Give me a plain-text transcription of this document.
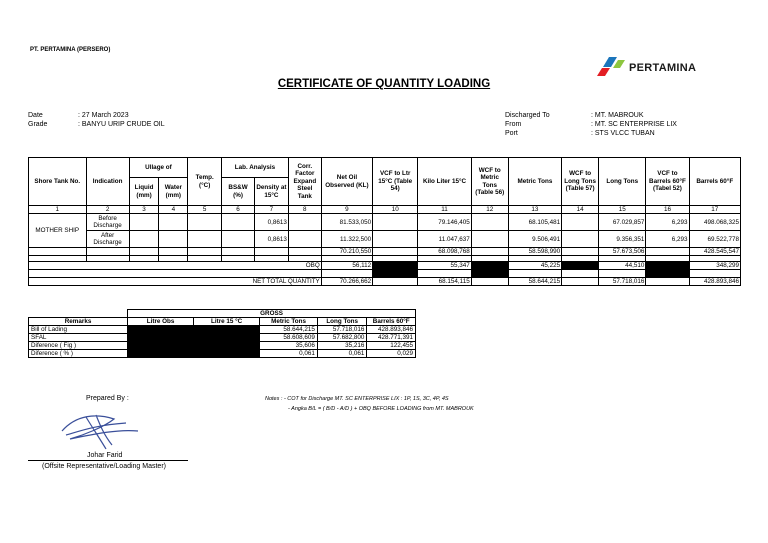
PT. PERTAMINA (PERSERO)
PERTAMINA
CERTIFICATE OF QUANTITY LOADING
Date	: 27 March 2023
Grade	: BANYU URIP CRUDE OIL
Discharged To	: MT. MABROUK
From	: MT. SC ENTERPRISE LIX
Port	: STS VLCC TUBAN
Shore Tank No.	Indication	Ullage of		Temp. (°C)	Lab. Analysis		Corr. Factor Expand Steel Tank	Net Oil Observed (KL)	VCF to Ltr 15°C (Table 54)	Kilo Liter 15°C	WCF to Metric Tons (Table 56)	Metric Tons	WCF to Long Tons (Table 57)	Long Tons	VCF to Barrels 60°F (Tabel 52)	Barrels 60°F
		Liquid (mm)	Water (mm)		BS&W (%)	Density at 15°C										
1	2	3	4	5	6	7	8	9	10	11	12	13	14	15	16	17
MOTHER SHIP	Before Discharge					0,8613		81.533,050		79.146,405		68.105,481		67.029,857	6,293	498.068,325
	After Discharge					0,8613		11.322,500		11.047,637		9.506,491		9.356,351	6,293	69.522,778
								70.210,550		68.098,768		58.598,990		57.673,506		428.545,547

OBQ								56,112		55,347		45,225		44,510		348,299

NET TOTAL QUANTITY								70.266,662		68.154,115		58.644,215		57.718,016		428.893,846
	GROSS				
Remarks	Litre Obs	Litre 15 °C	Metric Tons	Long Tons	Barrels 60°F
Bill of Lading			58.644,215	57.718,016	428.893,846
SFAL			58.608,609	57.682,800	428.771,391
Diference ( Fig )			35,606	35,216	122,455
Diference ( % )			0,061	0,061	0,029
Prepared By :
Johar Farid
(Offsite Representative/Loading Master)
Notes : - COT for Discharge MT. SC ENTERPRISE LIX : 1P, 1S, 3C, 4P, 4S
- Angka B/L = ( B/D - A/D ) + OBQ BEFORE LOADING from MT. MABROUK
